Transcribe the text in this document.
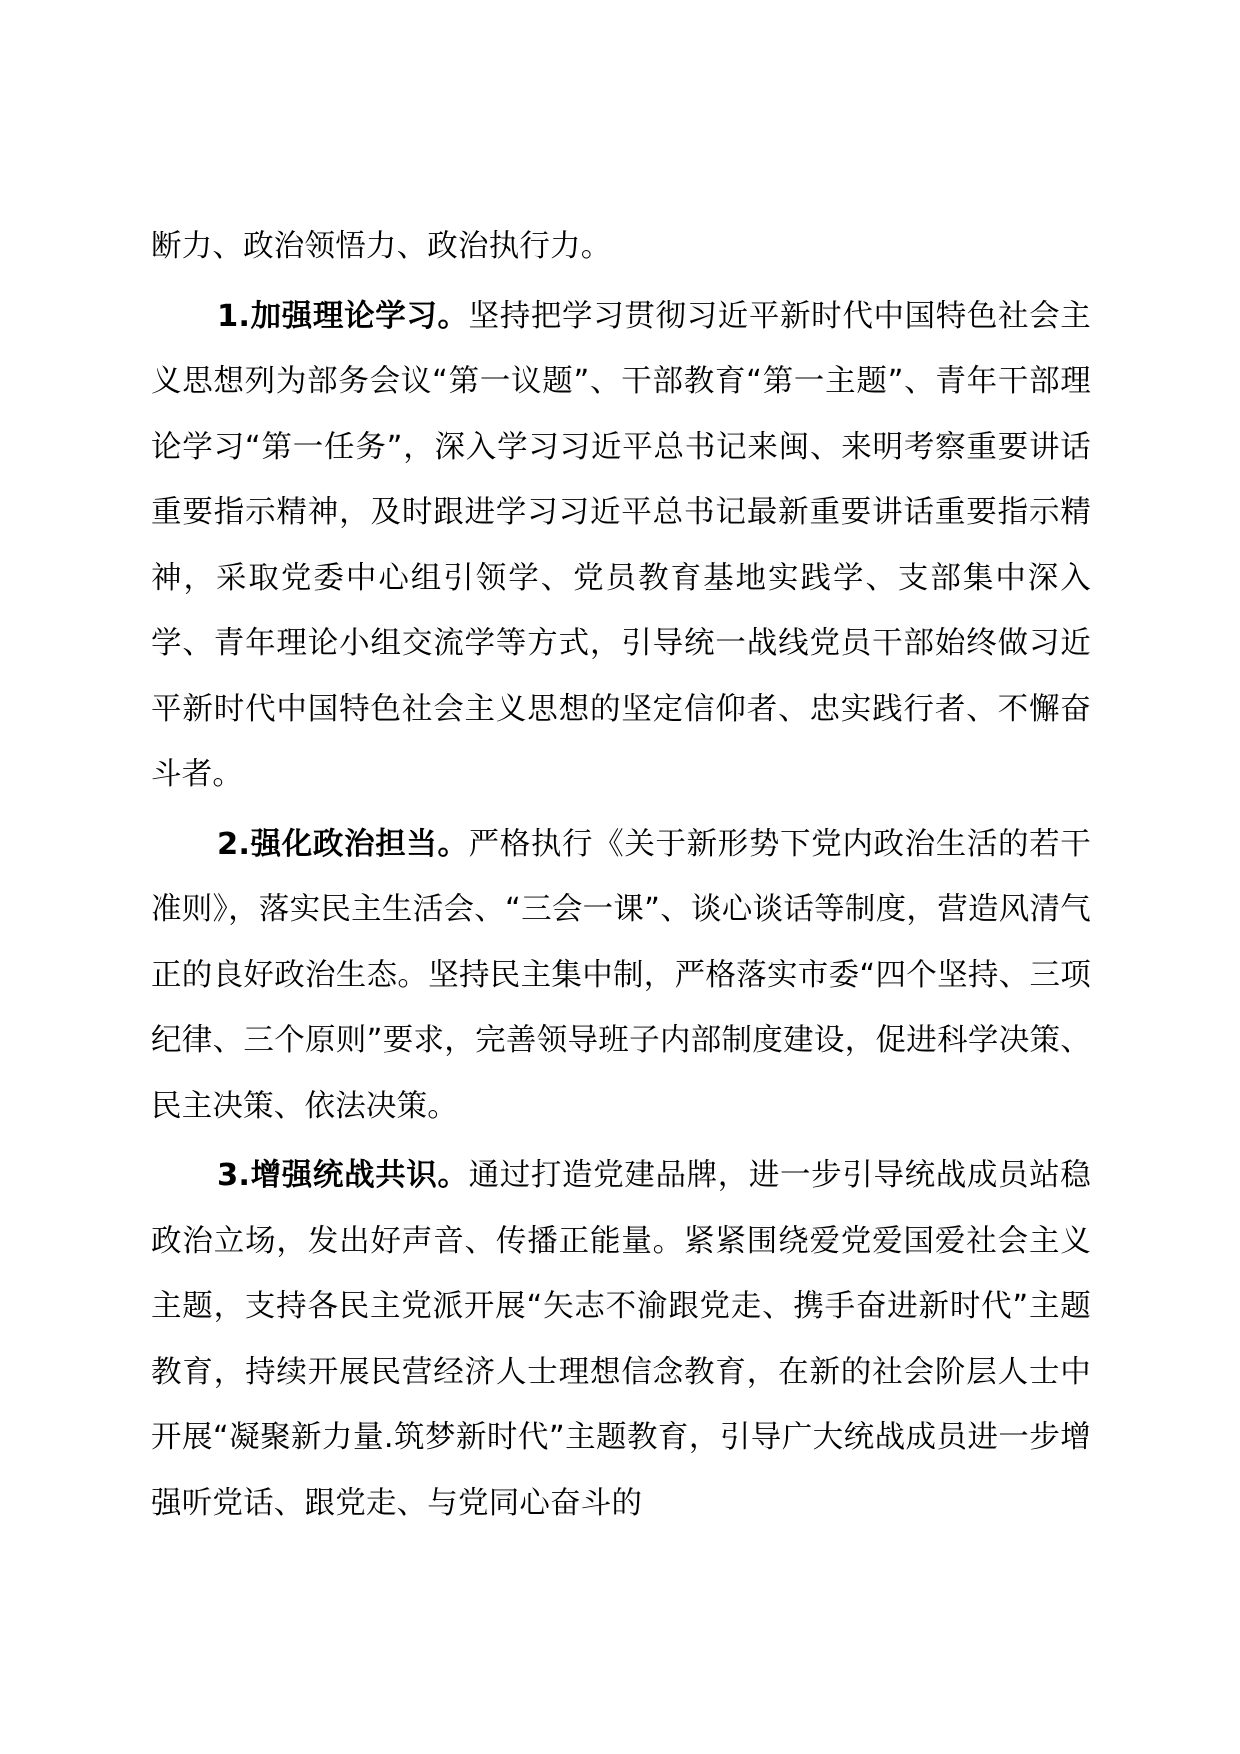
断力、政治领悟力、政治执行力。

1.加强理论学习。坚持把学习贯彻习近平新时代中国特色社会主义思想列为部务会议“第一议题”、干部教育“第一主题”、青年干部理论学习“第一任务”，深入学习习近平总书记来闽、来明考察重要讲话重要指示精神，及时跟进学习习近平总书记最新重要讲话重要指示精神，采取党委中心组引领学、党员教育基地实践学、支部集中深入学、青年理论小组交流学等方式，引导统一战线党员干部始终做习近平新时代中国特色社会主义思想的坚定信仰者、忠实践行者、不懈奋斗者。

2.强化政治担当。严格执行《关于新形势下党内政治生活的若干准则》，落实民主生活会、“三会一课”、谈心谈话等制度，营造风清气正的良好政治生态。坚持民主集中制，严格落实市委“四个坚持、三项纪律、三个原则”要求，完善领导班子内部制度建设，促进科学决策、民主决策、依法决策。

3.增强统战共识。通过打造党建品牌，进一步引导统战成员站稳政治立场，发出好声音、传播正能量。紧紧围绕爱党爱国爱社会主义主题，支持各民主党派开展“矢志不渝跟党走、携手奋进新时代”主题教育，持续开展民营经济人士理想信念教育，在新的社会阶层人士中开展“凝聚新力量.筑梦新时代”主题教育，引导广大统战成员进一步增强听党话、跟党走、与党同心奋斗的
